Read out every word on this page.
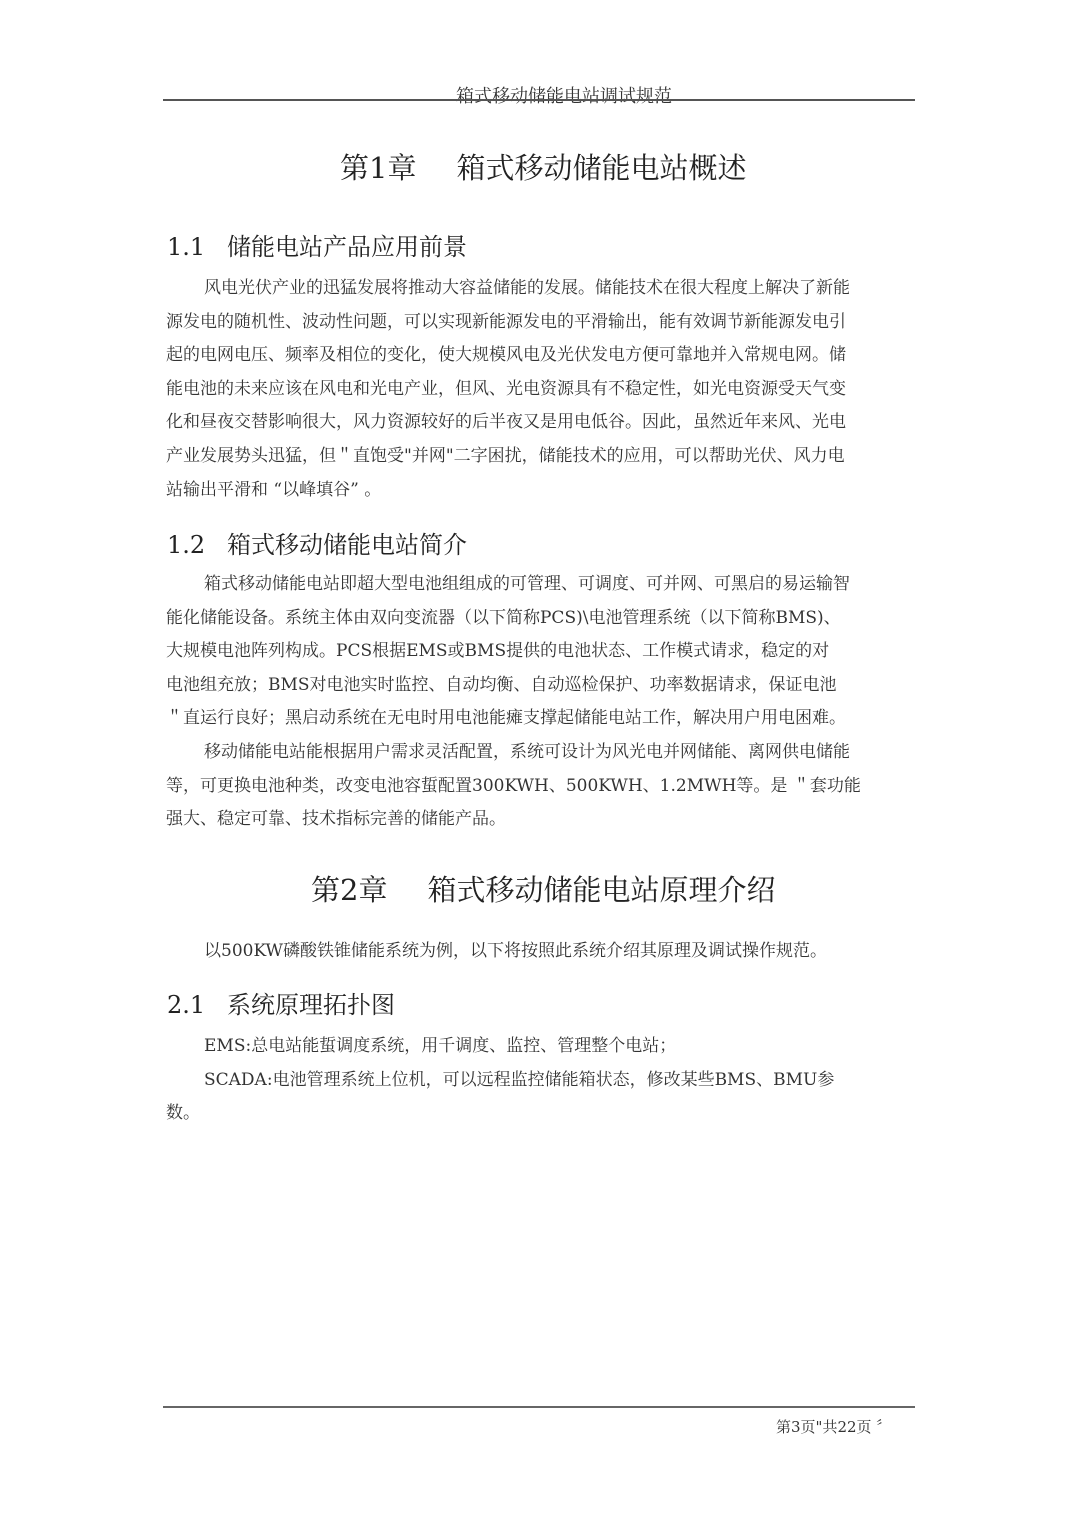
箱式移动储能电站调试规范
第1章 箱式移动储能电站概述
1.1 储能电站产品应用前景

风电光伏产业的迅猛发展将推动大容益储能的发展。储能技术在很大程度上解决了新能

源发电的随机性、波动性问题，可以实现新能源发电的平滑输出，能有效调节新能源发电引

起的电网电压、频率及相位的变化，使大规模风电及光伏发电方便可靠地并入常规电网。储

能电池的未来应该在风电和光电产业，但风、光电资源具有不稳定性，如光电资源受天气变

化和昼夜交替影响很大，风力资源较好的后半夜又是用电低谷。因此，虽然近年来风、光电

产业发展势头迅猛，但＂直饱受"并网"二字困扰，储能技术的应用，可以帮助光伏、风力电

站输出平滑和 “以峰填谷” 。

1.2 箱式移动储能电站简介

箱式移动储能电站即超大型电池组组成的可管理、可调度、可并网、可黑启的易运输智

能化储能设备。系统主体由双向变流器（以下简称PCS)\电池管理系统（以下简称BMS)、

大规模电池阵列构成。PCS根据EMS或BMS提供的电池状态、工作模式请求，稳定的对

电池组充放；BMS对电池实时监控、自动均衡、自动巡检保护、功率数据请求，保证电池

＂直运行良好；黑启动系统在无电时用电池能瘫支撑起储能电站工作，解决用户用电困难。

移动储能电站能根据用户需求灵活配置，系统可设计为风光电并网储能、离网供电储能

等，可更换电池种类，改变电池容蜇配置300KWH、500KWH、1.2MWH等。是 ＂套功能

强大、稳定可靠、技术指标完善的储能产品。

第2章 箱式移动储能电站原理介绍

以500KW磷酸铁锥储能系统为例，以下将按照此系统介绍其原理及调试操作规范。

2.1 系统原理拓扑图

EMS:总电站能蜇调度系统，用千调度、监控、管理整个电站；

SCADA:电池管理系统上位机，可以远程监控储能箱状态，修改某些BMS、BMU参

数。

第3页"共22页 〞
